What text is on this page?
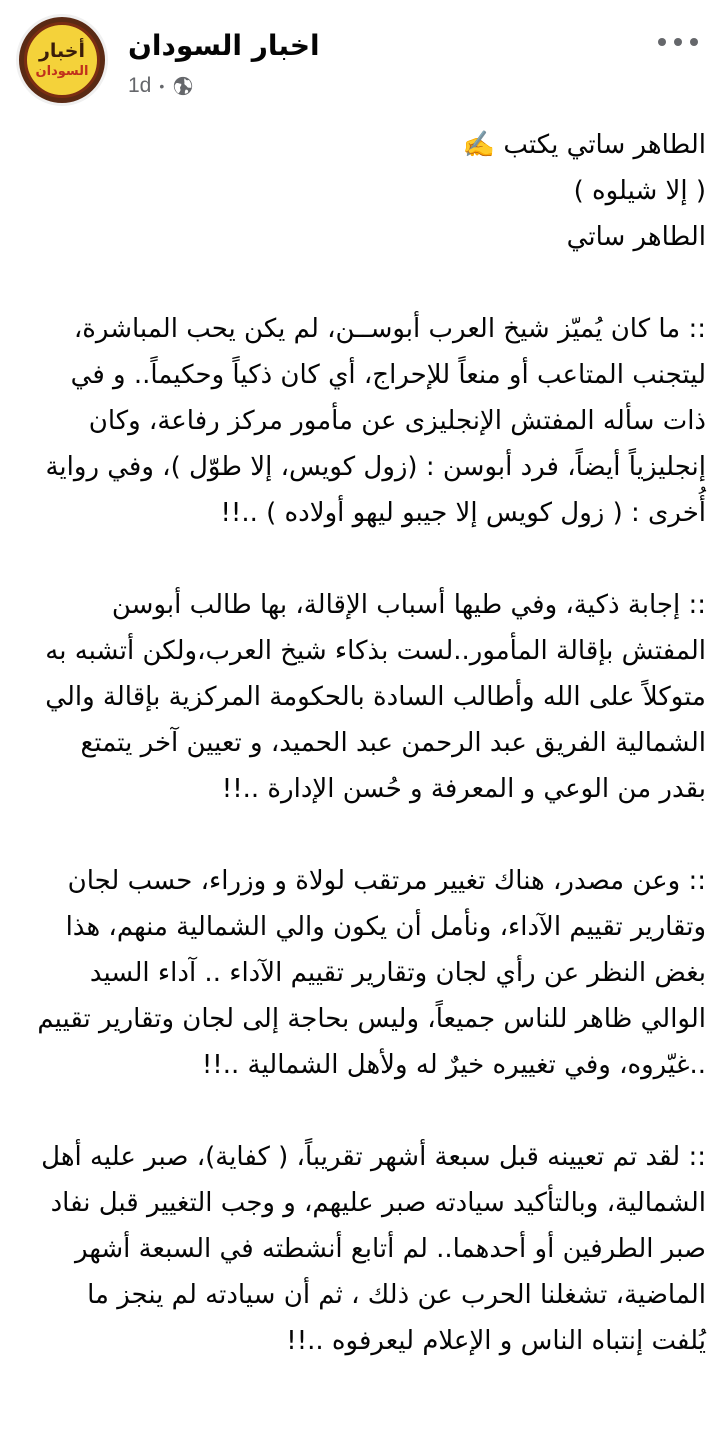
أخبار
السودان
اخبار السودان
1d •

الطاهر ساتي يكتب ✍️

( إلا شيلوه )

الطاهر ساتي

:: ما كان يُميّز شيخ العرب أبوســن، لم يكن يحب المباشرة، ليتجنب المتاعب أو منعاً للإحراج، أي كان ذكياً وحكيماً.. و في ذات سأله المفتش الإنجليزى عن مأمور مركز رفاعة، وكان إنجليزياً أيضاً، فرد أبوسن : (زول كويس، إلا طوّل )، وفي رواية أُخرى : ( زول كويس إلا جيبو ليهو أولاده ) ..!!

:: إجابة ذكية، وفي طيها أسباب الإقالة، بها طالب أبوسن المفتش بإقالة المأمور..لست بذكاء شيخ العرب،ولكن أتشبه به متوكلاً على الله وأطالب السادة بالحكومة المركزية بإقالة والي الشمالية الفريق عبد الرحمن عبد الحميد، و تعيين آخر يتمتع بقدر من الوعي و المعرفة و حُسن الإدارة ..!!

:: وعن مصدر، هناك تغيير مرتقب لولاة و وزراء، حسب لجان وتقارير تقييم الآداء، ونأمل أن يكون والي الشمالية منهم، هذا بغض النظر عن رأي لجان وتقارير تقييم الآداء .. آداء السيد الوالي ظاهر للناس جميعاً، وليس بحاجة إلى لجان وتقارير تقييم ..غيّروه، وفي تغييره خيرٌ له ولأهل الشمالية ..!!

:: لقد تم تعيينه قبل سبعة أشهر تقريباً، ( كفاية)، صبر عليه أهل الشمالية، وبالتأكيد سيادته صبر عليهم، و وجب التغيير قبل نفاد صبر الطرفين أو أحدهما.. لم أتابع أنشطته في السبعة أشهر الماضية، تشغلنا الحرب عن ذلك ، ثم أن سيادته لم ينجز ما يُلفت إنتباه الناس و الإعلام ليعرفوه ..!!
